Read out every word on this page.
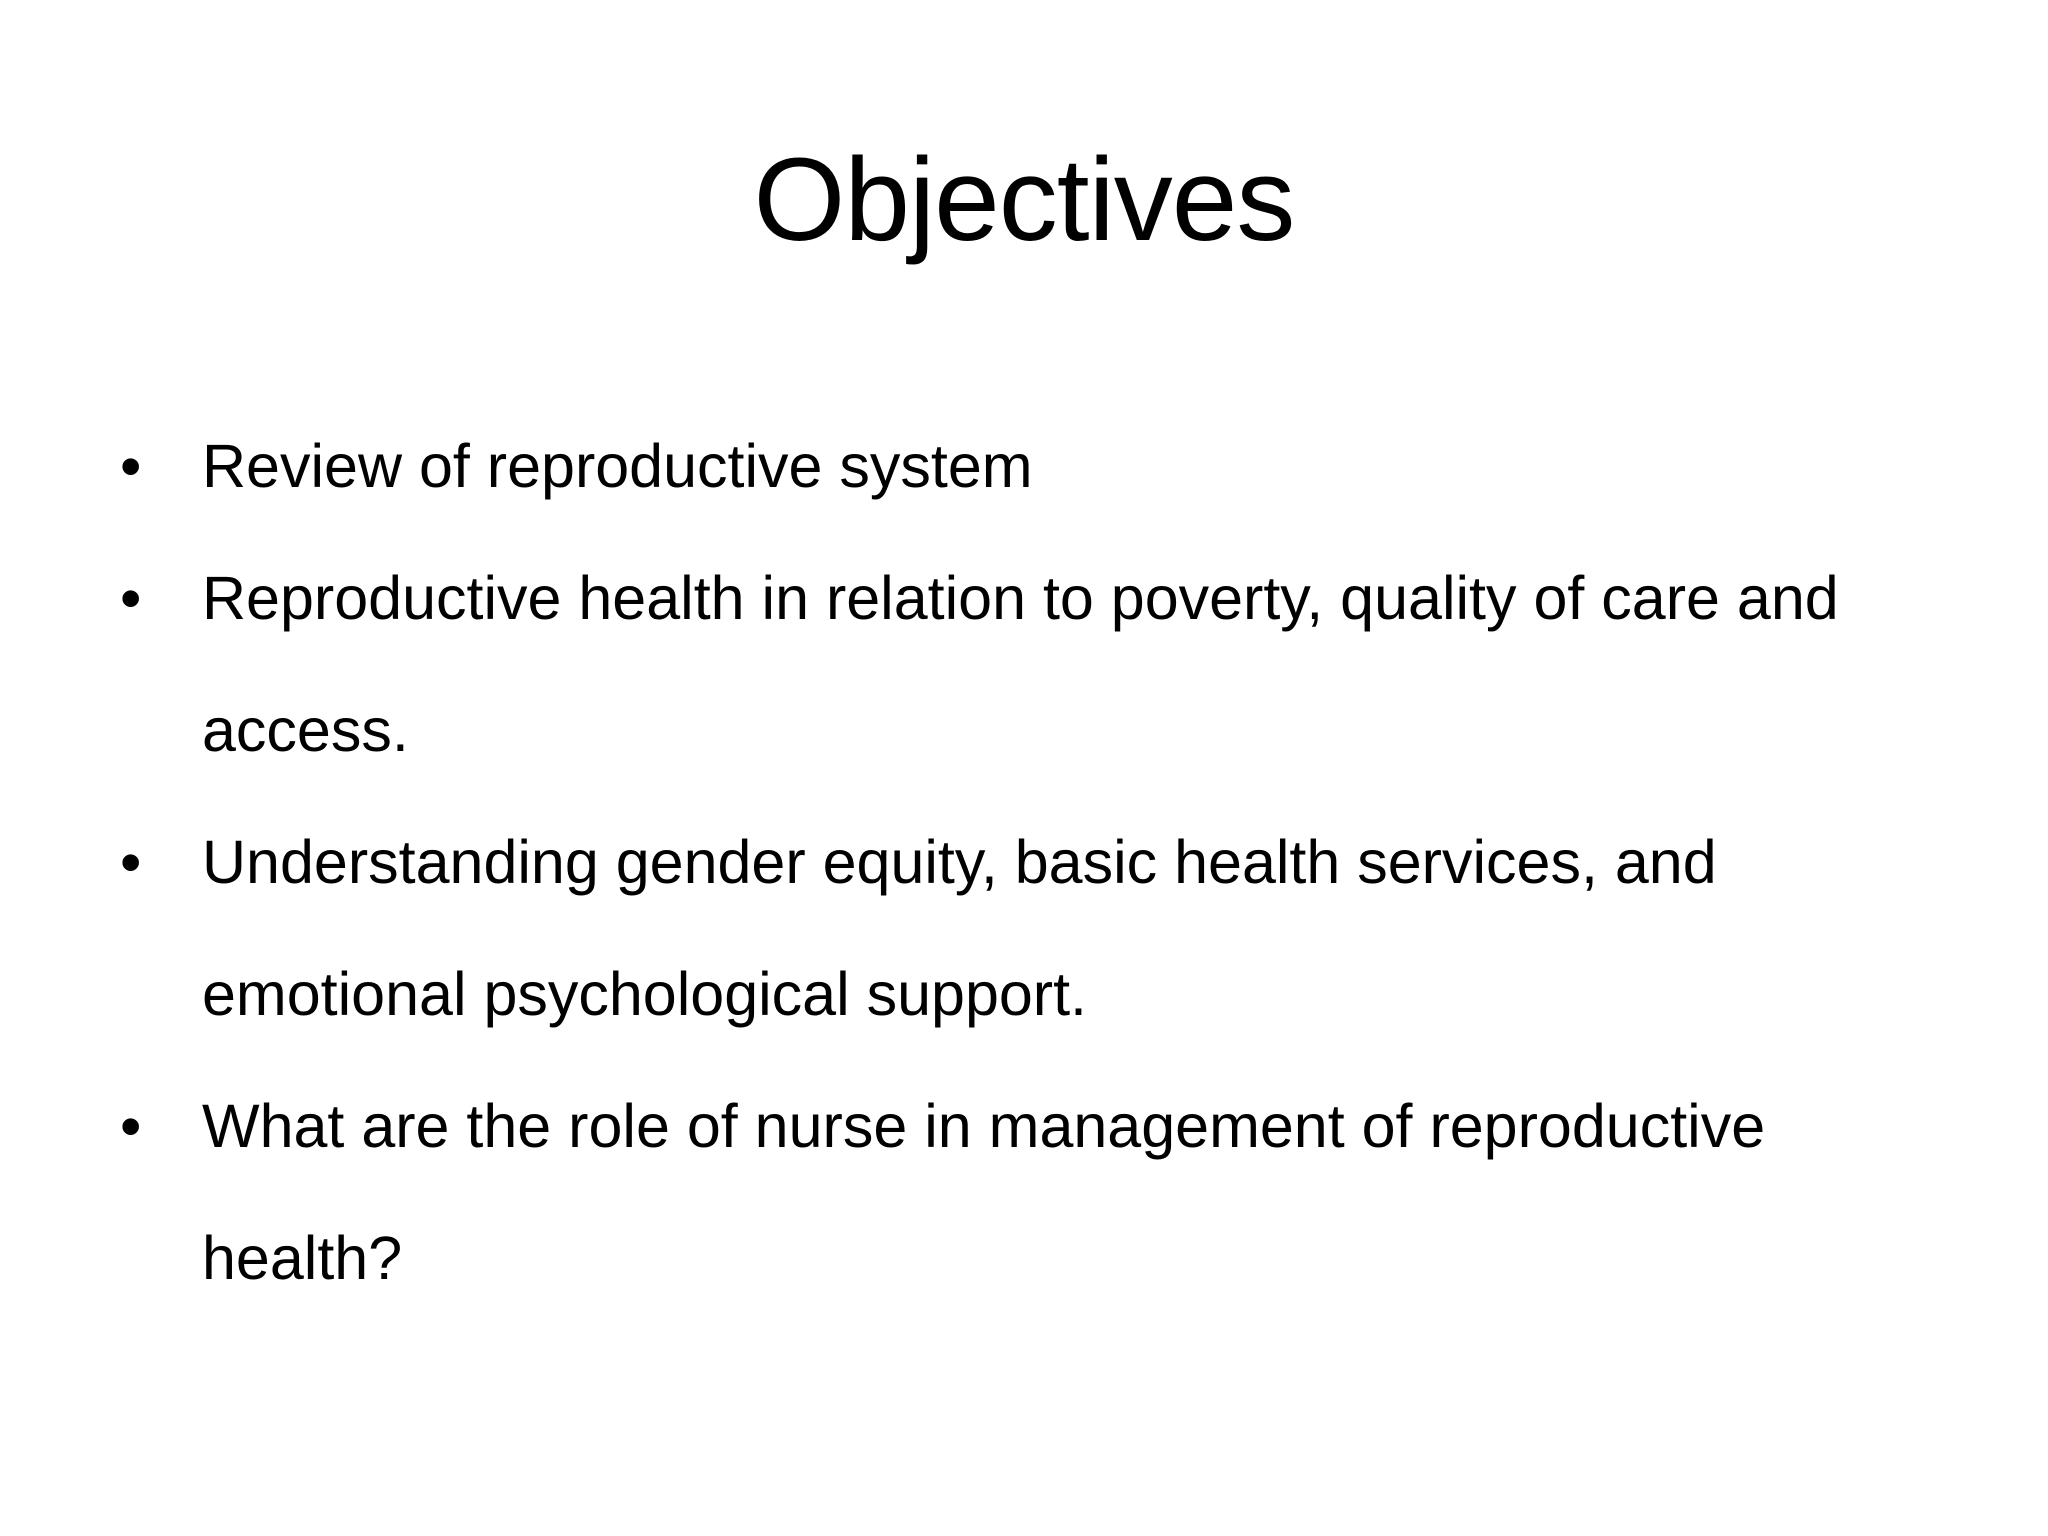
Objectives
• Review of reproductive system
• Reproductive health in relation to poverty, quality of care and access.
• Understanding gender equity, basic health services, and emotional psychological support.
• What are the role of nurse in management of reproductive health?
